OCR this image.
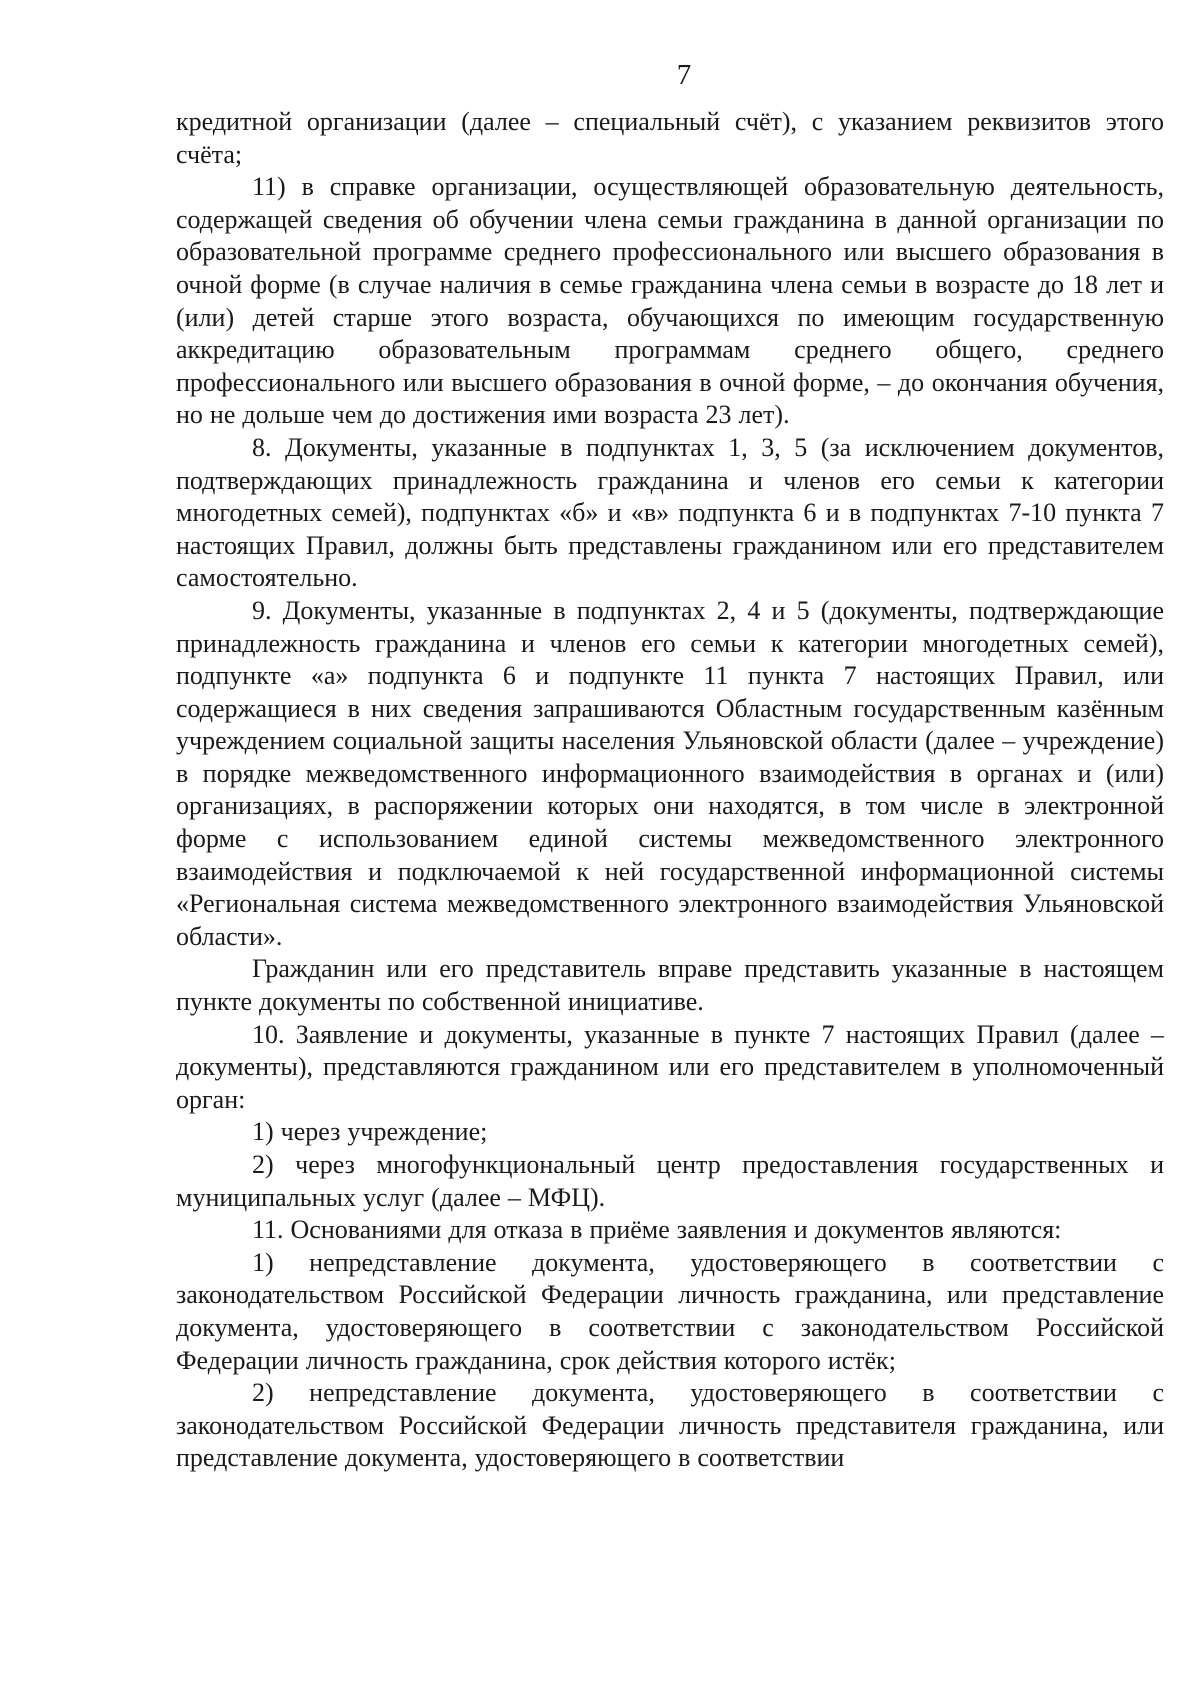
7

кредитной организации (далее – специальный счёт), с указанием реквизитов этого счёта;

11) в справке организации, осуществляющей образовательную деятельность, содержащей сведения об обучении члена семьи гражданина в данной организации по образовательной программе среднего профессионального или высшего образования в очной форме (в случае наличия в семье гражданина члена семьи в возрасте до 18 лет и (или) детей старше этого возраста, обучающихся по имеющим государственную аккредитацию образовательным программам среднего общего, среднего профессионального или высшего образования в очной форме, – до окончания обучения, но не дольше чем до достижения ими возраста 23 лет).

8. Документы, указанные в подпунктах 1, 3, 5 (за исключением документов, подтверждающих принадлежность гражданина и членов его семьи к категории многодетных семей), подпунктах «б» и «в» подпункта 6 и в подпунктах 7-10 пункта 7 настоящих Правил, должны быть представлены гражданином или его представителем самостоятельно.

9. Документы, указанные в подпунктах 2, 4 и 5 (документы, подтверждающие принадлежность гражданина и членов его семьи к категории многодетных семей), подпункте «а» подпункта 6 и подпункте 11 пункта 7 настоящих Правил, или содержащиеся в них сведения запрашиваются Областным государственным казённым учреждением социальной защиты населения Ульяновской области (далее – учреждение) в порядке межведомственного информационного взаимодействия в органах и (или) организациях, в распоряжении которых они находятся, в том числе в электронной форме с использованием единой системы межведомственного электронного взаимодействия и подключаемой к ней государственной информационной системы «Региональная система межведомственного электронного взаимодействия Ульяновской области».

Гражданин или его представитель вправе представить указанные в настоящем пункте документы по собственной инициативе.

10. Заявление и документы, указанные в пункте 7 настоящих Правил (далее – документы), представляются гражданином или его представителем в уполномоченный орган:

1) через учреждение;

2) через многофункциональный центр предоставления государственных и муниципальных услуг (далее – МФЦ).

11. Основаниями для отказа в приёме заявления и документов являются:

1) непредставление документа, удостоверяющего в соответствии с законодательством Российской Федерации личность гражданина, или представление документа, удостоверяющего в соответствии с законодательством Российской Федерации личность гражданина, срок действия которого истёк;

2) непредставление документа, удостоверяющего в соответствии с законодательством Российской Федерации личность представителя гражданина, или представление документа, удостоверяющего в соответствии
